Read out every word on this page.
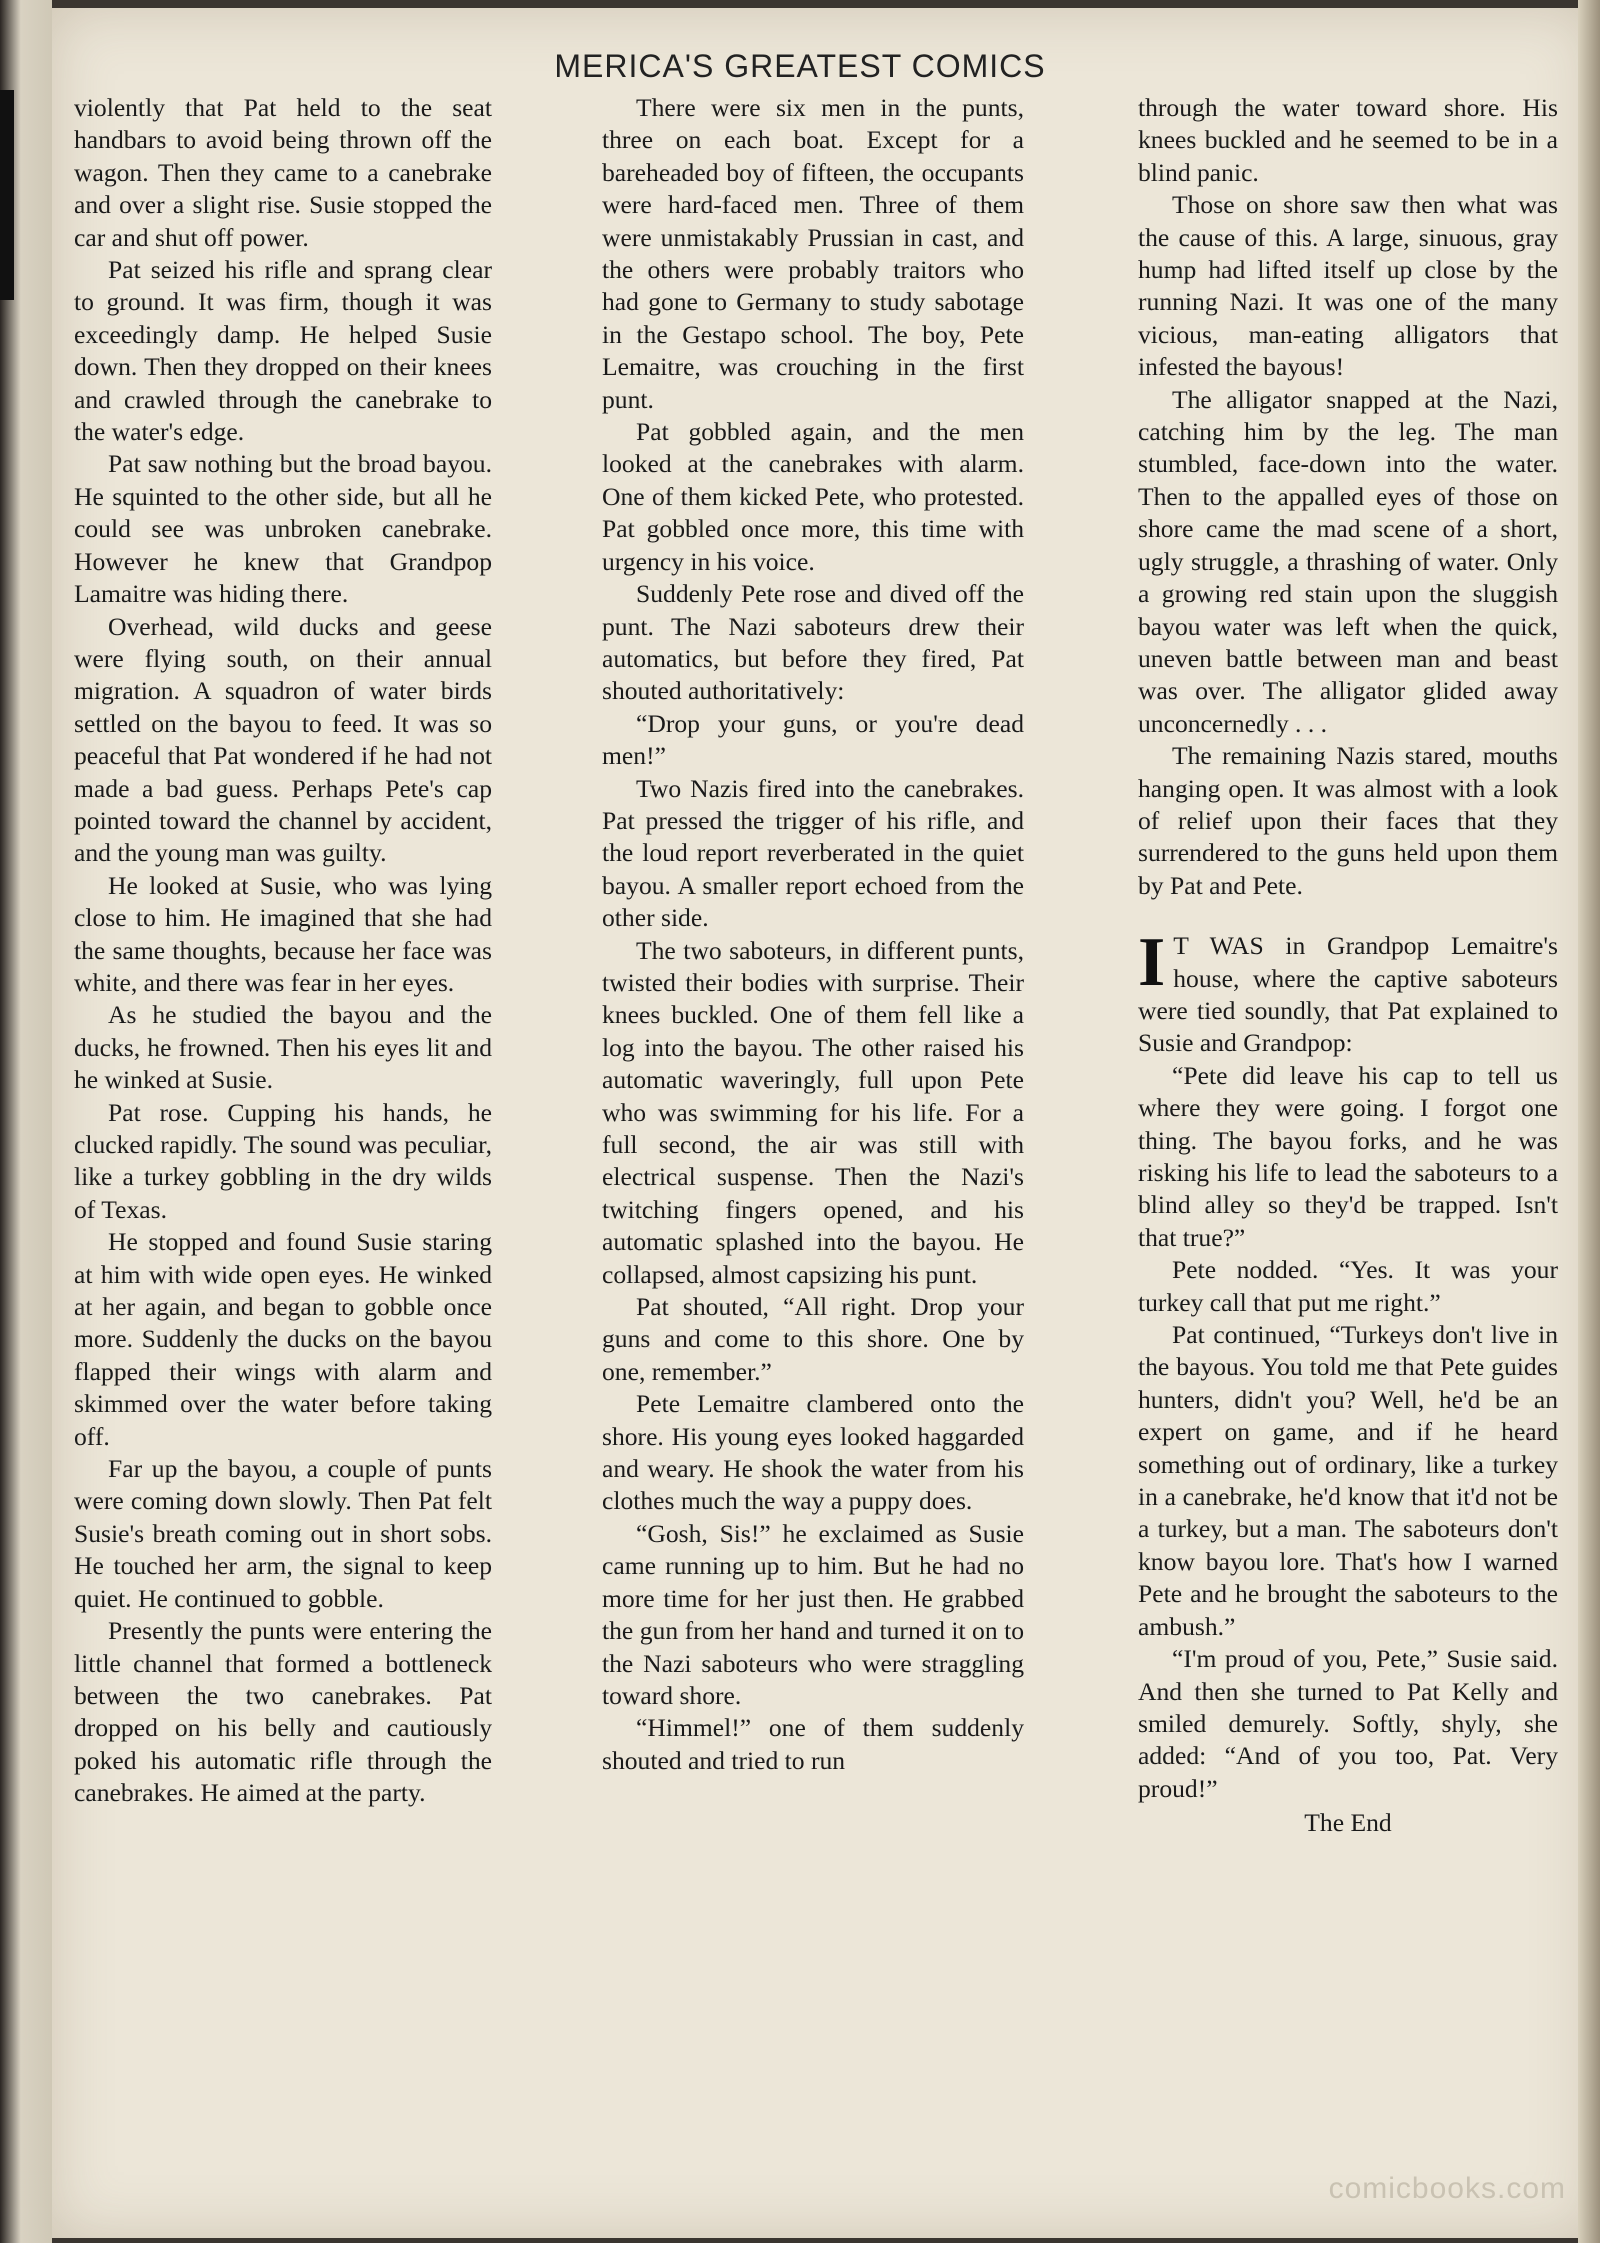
MERICA'S GREATEST COMICS

violently that Pat held to the seat handbars to avoid being thrown off the wagon. Then they came to a canebrake and over a slight rise. Susie stopped the car and shut off power.

Pat seized his rifle and sprang clear to ground. It was firm, though it was exceedingly damp. He helped Susie down. Then they dropped on their knees and crawled through the canebrake to the water's edge.

Pat saw nothing but the broad bayou. He squinted to the other side, but all he could see was unbroken canebrake. However he knew that Grandpop Lamaitre was hiding there.

Overhead, wild ducks and geese were flying south, on their annual migration. A squadron of water birds settled on the bayou to feed. It was so peaceful that Pat wondered if he had not made a bad guess. Perhaps Pete's cap pointed toward the channel by accident, and the young man was guilty.

He looked at Susie, who was lying close to him. He imagined that she had the same thoughts, because her face was white, and there was fear in her eyes.

As he studied the bayou and the ducks, he frowned. Then his eyes lit and he winked at Susie.

Pat rose. Cupping his hands, he clucked rapidly. The sound was peculiar, like a turkey gobbling in the dry wilds of Texas.

He stopped and found Susie staring at him with wide open eyes. He winked at her again, and began to gobble once more. Suddenly the ducks on the bayou flapped their wings with alarm and skimmed over the water before taking off.

Far up the bayou, a couple of punts were coming down slowly. Then Pat felt Susie's breath coming out in short sobs. He touched her arm, the signal to keep quiet. He continued to gobble.

Presently the punts were entering the little channel that formed a bottleneck between the two canebrakes. Pat dropped on his belly and cautiously poked his automatic rifle through the canebrakes. He aimed at the party.

There were six men in the punts, three on each boat. Except for a bareheaded boy of fifteen, the occupants were hard-faced men. Three of them were unmistakably Prussian in cast, and the others were probably traitors who had gone to Germany to study sabotage in the Gestapo school. The boy, Pete Lemaitre, was crouching in the first punt.

Pat gobbled again, and the men looked at the canebrakes with alarm. One of them kicked Pete, who protested. Pat gobbled once more, this time with urgency in his voice.

Suddenly Pete rose and dived off the punt. The Nazi saboteurs drew their automatics, but before they fired, Pat shouted authoritatively:

“Drop your guns, or you're dead men!”

Two Nazis fired into the canebrakes. Pat pressed the trigger of his rifle, and the loud report reverberated in the quiet bayou. A smaller report echoed from the other side.

The two saboteurs, in different punts, twisted their bodies with surprise. Their knees buckled. One of them fell like a log into the bayou. The other raised his automatic waveringly, full upon Pete who was swimming for his life. For a full second, the air was still with electrical suspense. Then the Nazi's twitching fingers opened, and his automatic splashed into the bayou. He collapsed, almost capsizing his punt.

Pat shouted, “All right. Drop your guns and come to this shore. One by one, remember.”

Pete Lemaitre clambered onto the shore. His young eyes looked haggarded and weary. He shook the water from his clothes much the way a puppy does.

“Gosh, Sis!” he exclaimed as Susie came running up to him. But he had no more time for her just then. He grabbed the gun from her hand and turned it on to the Nazi saboteurs who were straggling toward shore.

“Himmel!” one of them suddenly shouted and tried to run

through the water toward shore. His knees buckled and he seemed to be in a blind panic.

Those on shore saw then what was the cause of this. A large, sinuous, gray hump had lifted itself up close by the running Nazi. It was one of the many vicious, man-eating alligators that infested the bayous!

The alligator snapped at the Nazi, catching him by the leg. The man stumbled, face-down into the water. Then to the appalled eyes of those on shore came the mad scene of a short, ugly struggle, a thrashing of water. Only a growing red stain upon the sluggish bayou water was left when the quick, uneven battle between man and beast was over. The alligator glided away unconcernedly . . .

The remaining Nazis stared, mouths hanging open. It was almost with a look of relief upon their faces that they surrendered to the guns held upon them by Pat and Pete.

I T WAS in Grandpop Lemaitre's house, where the captive saboteurs were tied soundly, that Pat explained to Susie and Grandpop:

“Pete did leave his cap to tell us where they were going. I forgot one thing. The bayou forks, and he was risking his life to lead the saboteurs to a blind alley so they'd be trapped. Isn't that true?”

Pete nodded. “Yes. It was your turkey call that put me right.”

Pat continued, “Turkeys don't live in the bayous. You told me that Pete guides hunters, didn't you? Well, he'd be an expert on game, and if he heard something out of ordinary, like a turkey in a canebrake, he'd know that it'd not be a turkey, but a man. The saboteurs don't know bayou lore. That's how I warned Pete and he brought the saboteurs to the ambush.”

“I'm proud of you, Pete,” Susie said. And then she turned to Pat Kelly and smiled demurely. Softly, shyly, she added: “And of you too, Pat. Very proud!”

The End

comicbooks.com
